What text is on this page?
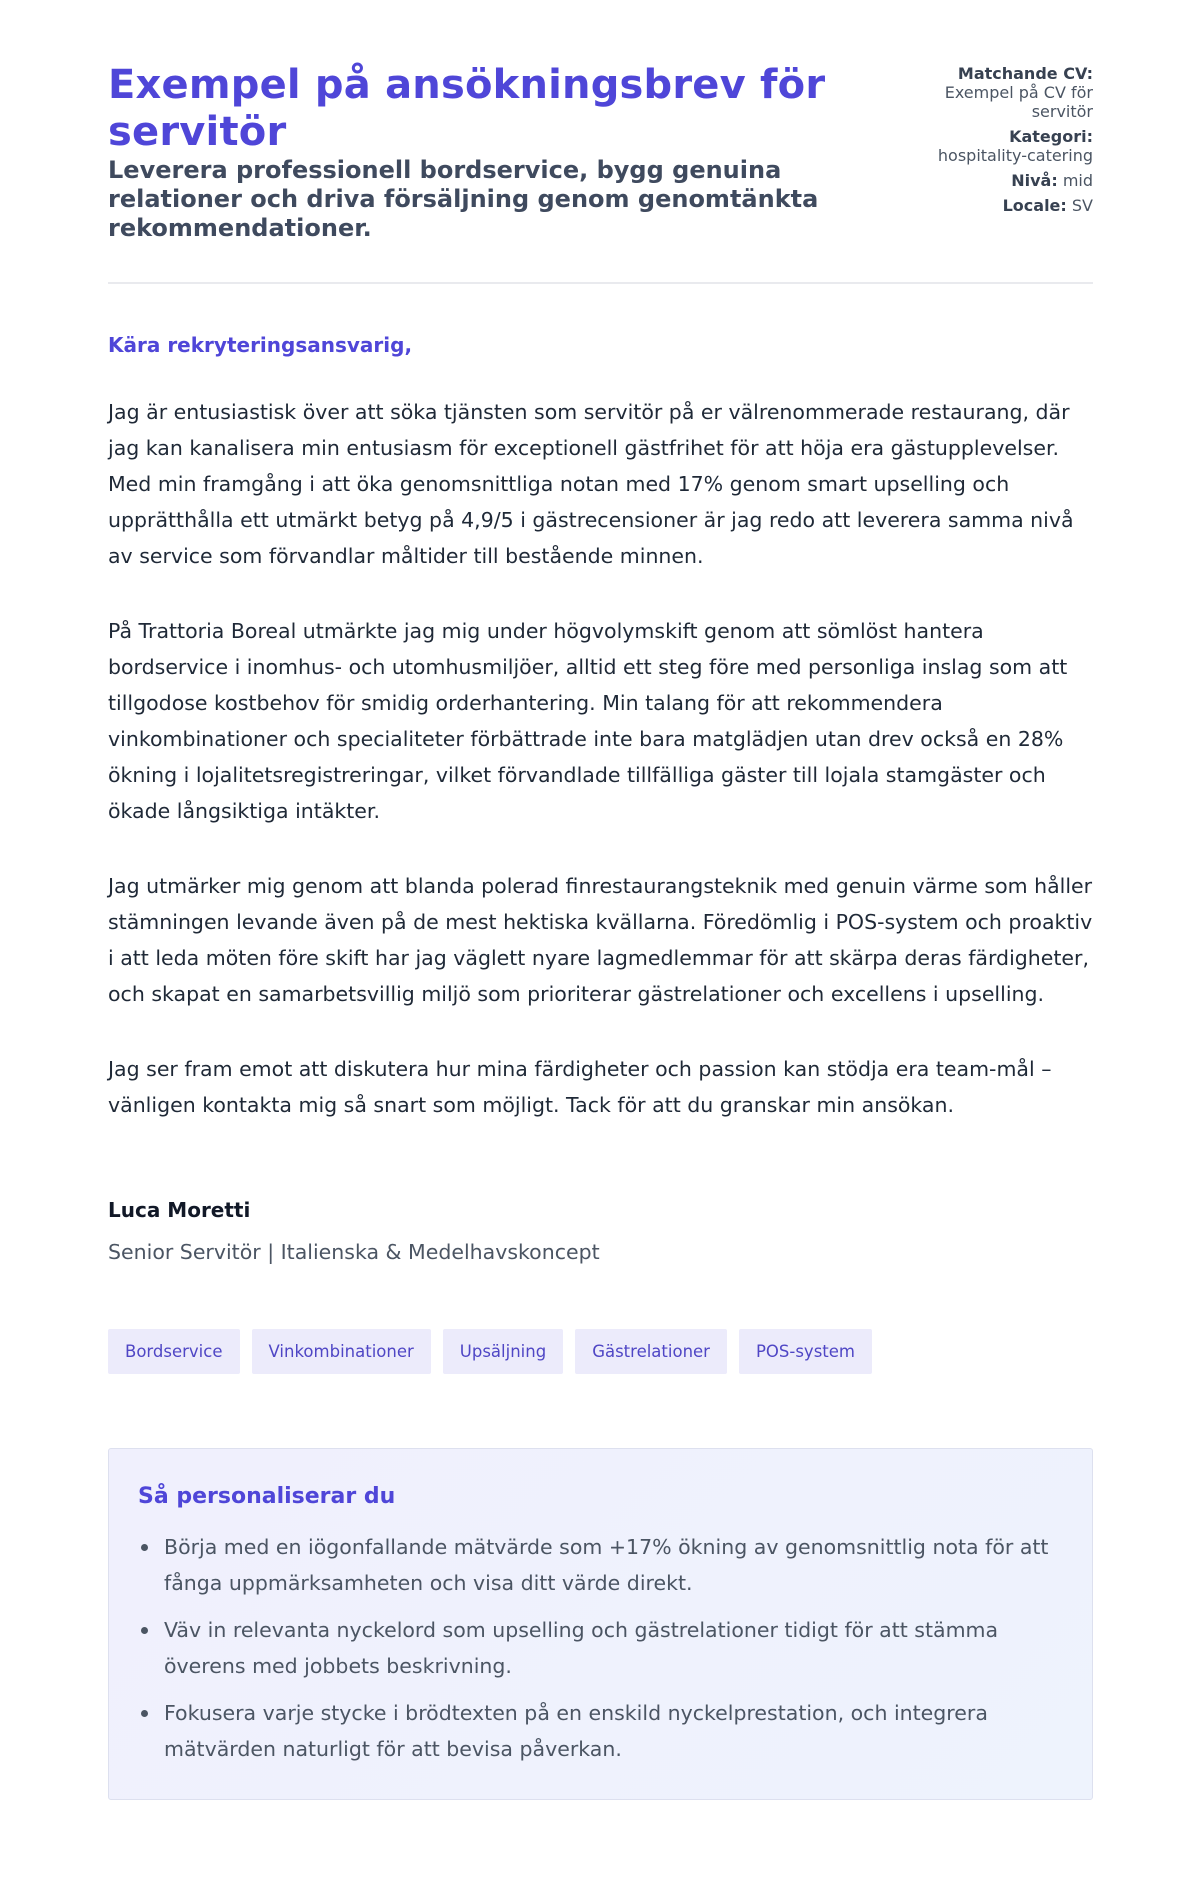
Exempel på ansökningsbrev för servitör
Leverera professionell bordservice, bygg genuina relationer och driva försäljning genom genomtänkta rekommendationer.
Matchande CV:
Exempel på CV för servitör
Kategori:
hospitality-catering
Nivå: mid
Locale: SV

Kära rekryteringsansvarig,

Jag är entusiastisk över att söka tjänsten som servitör på er välrenommerade restaurang, där jag kan kanalisera min entusiasm för exceptionell gästfrihet för att höja era gästupplevelser. Med min framgång i att öka genomsnittliga notan med 17% genom smart upselling och upprätthålla ett utmärkt betyg på 4,9/5 i gästrecensioner är jag redo att leverera samma nivå av service som förvandlar måltider till bestående minnen.

På Trattoria Boreal utmärkte jag mig under högvolymskift genom att sömlöst hantera bordservice i inomhus- och utomhusmiljöer, alltid ett steg före med personliga inslag som att tillgodose kostbehov för smidig orderhantering. Min talang för att rekommendera vinkombinationer och specialiteter förbättrade inte bara matglädjen utan drev också en 28% ökning i lojalitetsregistreringar, vilket förvandlade tillfälliga gäster till lojala stamgäster och ökade långsiktiga intäkter.

Jag utmärker mig genom att blanda polerad finrestaurangsteknik med genuin värme som håller stämningen levande även på de mest hektiska kvällarna. Föredömlig i POS-system och proaktiv i att leda möten före skift har jag väglett nyare lagmedlemmar för att skärpa deras färdigheter, och skapat en samarbetsvillig miljö som prioriterar gästrelationer och excellens i upselling.

Jag ser fram emot att diskutera hur mina färdigheter och passion kan stödja era team-mål – vänligen kontakta mig så snart som möjligt. Tack för att du granskar min ansökan.

Luca Moretti
Senior Servitör | Italienska & Medelhavskoncept
Bordservice	Vinkombinationer	Upsäljning	Gästrelationer	POS-system
Så personaliserar du
Börja med en iögonfallande mätvärde som +17% ökning av genomsnittlig nota för att fånga uppmärksamheten och visa ditt värde direkt.
Väv in relevanta nyckelord som upselling och gästrelationer tidigt för att stämma överens med jobbets beskrivning.
Fokusera varje stycke i brödtexten på en enskild nyckelprestation, och integrera mätvärden naturligt för att bevisa påverkan.
